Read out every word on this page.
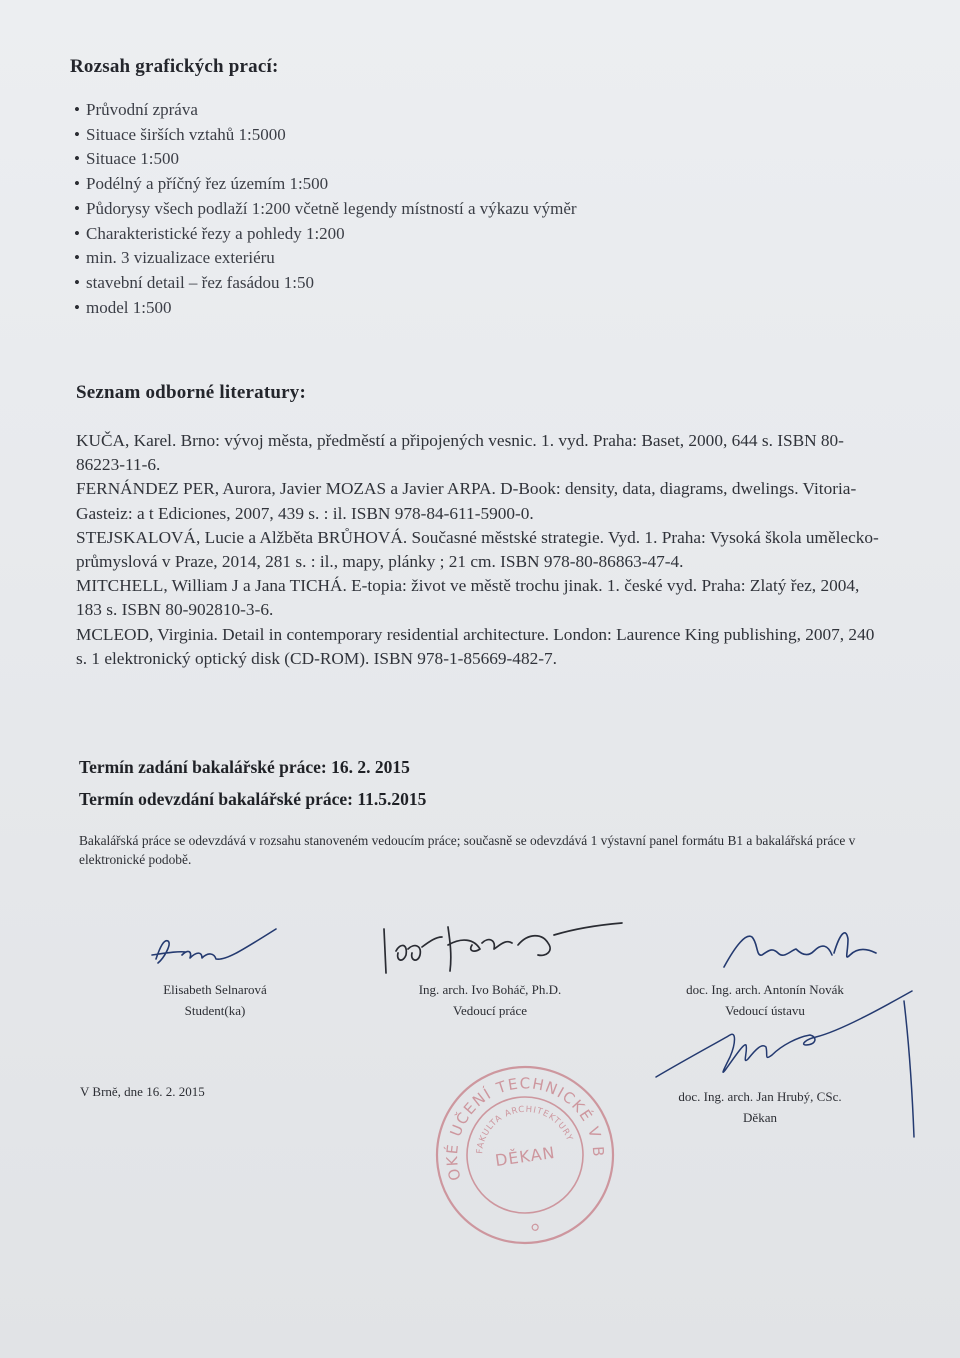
Rozsah grafických prací:
• Průvodní zpráva
• Situace širších vztahů 1:5000
• Situace 1:500
• Podélný a příčný řez územím 1:500
• Půdorysy všech podlaží 1:200 včetně legendy místností a výkazu výměr
• Charakteristické řezy a pohledy 1:200
• min. 3 vizualizace exteriéru
• stavební detail – řez fasádou 1:50
• model 1:500
Seznam odborné literatury:
KUČA, Karel. Brno: vývoj města, předměstí a připojených vesnic. 1. vyd. Praha: Baset, 2000, 644 s. ISBN 80-86223-11-6.
FERNÁNDEZ PER, Aurora, Javier MOZAS a Javier ARPA. D-Book: density, data, diagrams, dwelings. Vitoria-Gasteiz: a t Ediciones, 2007, 439 s. : il. ISBN 978-84-611-5900-0.
STEJSKALOVÁ, Lucie a Alžběta BRŮHOVÁ. Současné městské strategie. Vyd. 1. Praha: Vysoká škola umělecko-průmyslová v Praze, 2014, 281 s. : il., mapy, plánky ; 21 cm. ISBN 978-80-86863-47-4.
MITCHELL, William J a Jana TICHÁ. E-topia: život ve městě trochu jinak. 1. české vyd. Praha: Zlatý řez, 2004, 183 s. ISBN 80-902810-3-6.
MCLEOD, Virginia. Detail in contemporary residential architecture. London: Laurence King publishing, 2007, 240 s. 1 elektronický optický disk (CD-ROM). ISBN 978-1-85669-482-7.
Termín zadání bakalářské práce: 16. 2. 2015
Termín odevzdání bakalářské práce: 11.5.2015
Bakalářská práce se odevzdává v rozsahu stanoveném vedoucím práce; současně se odevzdává 1 výstavní panel formátu B1 a bakalářská práce v elektronické podobě.
Elisabeth Selnarová
Student(ka)
Ing. arch. Ivo Boháč, Ph.D.
Vedoucí práce
doc. Ing. arch. Antonín Novák
Vedoucí ústavu
doc. Ing. arch. Jan Hrubý, CSc.
Děkan
V Brně, dne 16. 2. 2015
VYSOKÉ UČENÍ TECHNICKÉ V BRNĚ
FAKULTA ARCHITEKTURY
DĚKAN
